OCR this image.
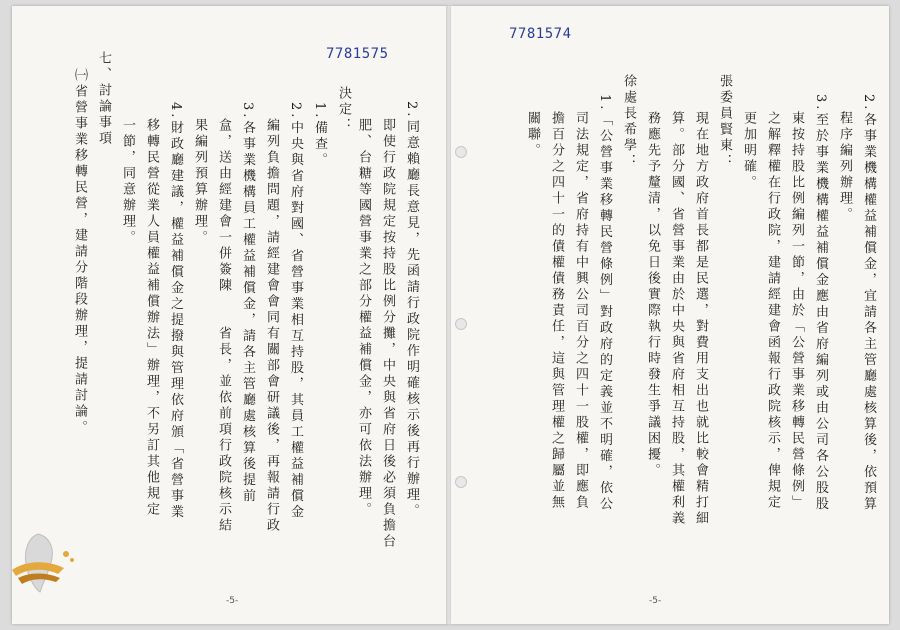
7781575
2.同意賴廳長意見，先函請行政院作明確核示後再行辦理。
即使行政院規定按持股比例分攤，中央與省府日後必須負擔台
肥、台糖等國營事業之部分權益補償金，亦可依法辦理。
決定：
1.備查。
2.中央與省府對國、省營事業相互持股，其員工權益補償金
編列負擔問題，請經建會會同有關部會研議後，再報請行政
3.各事業機構員工權益補償金，請各主管廳處核算後提前
盒，送由經建會一併簽陳　　省長，並依前項行政院核示結
果編列預算辦理。
4.財政廳建議，權益補償金之提撥與管理依府頒「省營事業
移轉民營從業人員權益補償辦法」辦理，不另訂其他規定
一節，同意辦理。
七、討論事項
㈠省營事業移轉民營，建請分階段辦理，提請討論。
-5-
7781574
2.各事業機構權益補償金，宜請各主管廳處核算後，依預算
程序編列辦理。
3.至於事業機構權益補償金應由省府編列或由公司各公股股
東按持股比例編列一節，由於「公營事業移轉民營條例」
之解釋權在行政院，建請經建會函報行政院核示，俾規定
更加明確。
張委員賢東：
現在地方政府首長都是民選，對費用支出也就比較會精打細
算。部分國、省營事業由於中央與省府相互持股，其權利義
務應先予釐清，以免日後實際執行時發生爭議困擾。
徐處長希學：
1.「公營事業移轉民營條例」對政府的定義並不明確，依公
司法規定，省府持有中興公司百分之四十一股權，即應負
擔百分之四十一的債權債務責任，這與管理權之歸屬並無
關聯。
-5-
